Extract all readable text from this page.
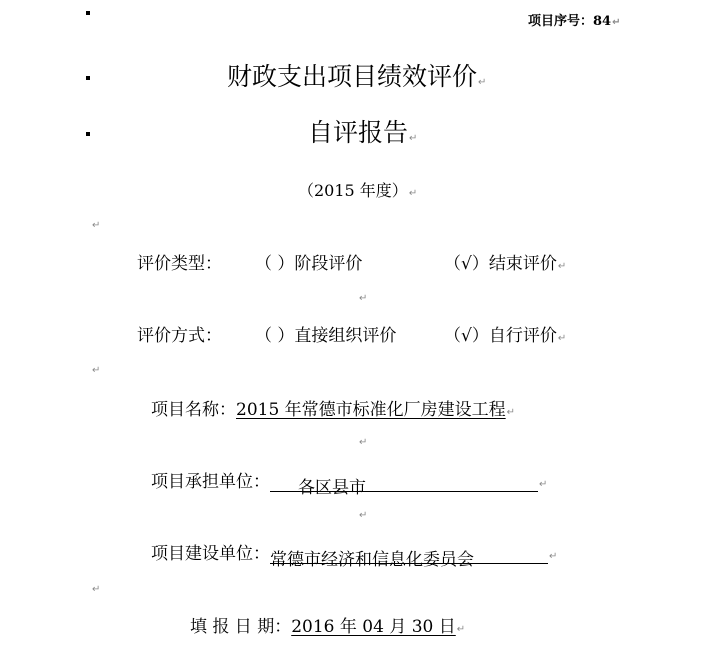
项目序号：84↵
财政支出项目绩效评价↵
自评报告↵
（2015 年度）↵
↵
评价类型： （ ）阶段评价	（√）结束评价↵
↵
评价方式： （ ）直接组织评价	（√）自行评价↵
↵
项目名称：2015 年常德市标准化厂房建设工程↵
↵
项目承担单位： 各区县市	↵
↵
项目建设单位：常德市经济和信息化委员会	↵
↵
填 报 日 期：2016 年 04 月 30 日↵
